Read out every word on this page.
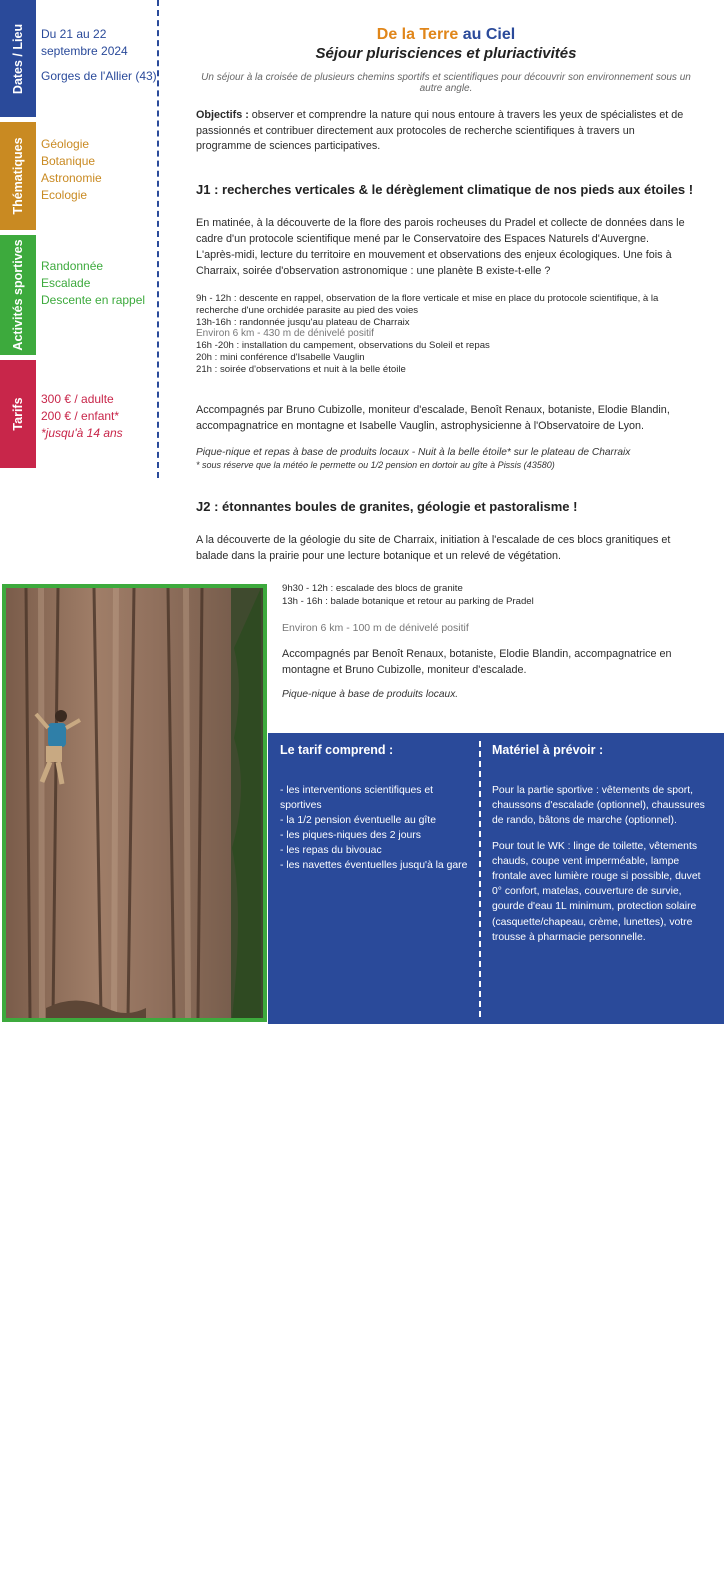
Dates / Lieu
Thématiques
Activités sportives
Tarifs
Du 21 au 22
septembre 2024
Gorges de l'Allier (43)
Géologie
Botanique
Astronomie
Ecologie
Randonnée
Escalade
Descente en rappel
300 € / adulte
200 € / enfant*
*jusqu'à 14 ans
De la Terre au Ciel
Séjour plurisciences et pluriactivités
Un séjour à la croisée de plusieurs chemins sportifs et scientifiques pour découvrir son environnement sous un autre angle.
Objectifs : observer et comprendre la nature qui nous entoure à travers les yeux de spécialistes et de passionnés et contribuer directement aux protocoles de recherche scientifiques à travers un programme de sciences participatives.
J1 : recherches verticales & le dérèglement climatique de nos pieds aux étoiles !
En matinée, à la découverte de la flore des parois rocheuses du Pradel et collecte de données dans le cadre d'un protocole scientifique mené par le Conservatoire des Espaces Naturels d'Auvergne.
L'après-midi, lecture du territoire en mouvement et observations des enjeux écologiques. Une fois à Charraix, soirée d'observation astronomique : une planète B existe-t-elle ?
9h - 12h : descente en rappel, observation de la flore verticale et mise en place du protocole scientifique, à la recherche d'une orchidée parasite au pied des voies
13h-16h : randonnée jusqu'au plateau de Charraix
Environ 6 km - 430 m de dénivelé positif
16h -20h : installation du campement, observations du Soleil et repas
20h : mini conférence d'Isabelle Vauglin
21h : soirée d'observations et nuit à la belle étoile
Accompagnés par Bruno Cubizolle, moniteur d'escalade, Benoît Renaux, botaniste, Elodie Blandin, accompagnatrice en montagne et Isabelle Vauglin, astrophysicienne à l'Observatoire de Lyon.
Pique-nique et repas à base de produits locaux - Nuit à la belle étoile* sur le plateau de Charraix
* sous réserve que la météo le permette ou 1/2 pension en dortoir au gîte à Pissis (43580)
J2 : étonnantes boules de granites, géologie et pastoralisme !
A la découverte de la géologie du site de Charraix, initiation à l'escalade de ces blocs granitiques et balade dans la prairie pour une lecture botanique et un relevé de végétation.
© Jon Virt
9h30 - 12h : escalade des blocs de granite
13h - 16h : balade botanique et retour au parking de Pradel
Environ 6 km - 100 m de dénivelé positif
Accompagnés par Benoît Renaux, botaniste, Elodie Blandin, accompagnatrice en montagne et Bruno Cubizolle, moniteur d'escalade.
Pique-nique à base de produits locaux.
Le tarif comprend :
- les interventions scientifiques et sportives
- la 1/2 pension éventuelle au gîte
- les piques-niques des 2 jours
- les repas du bivouac
- les navettes éventuelles jusqu'à la gare
Matériel à prévoir :
Pour la partie sportive : vêtements de sport, chaussons d'escalade (optionnel), chaussures de rando, bâtons de marche (optionnel).
Pour tout le WK : linge de toilette, vêtements chauds, coupe vent imperméable, lampe frontale avec lumière rouge si possible, duvet 0° confort, matelas, couverture de survie, gourde d'eau 1L minimum, protection solaire (casquette/chapeau, crème, lunettes), votre trousse à pharmacie personnelle.
